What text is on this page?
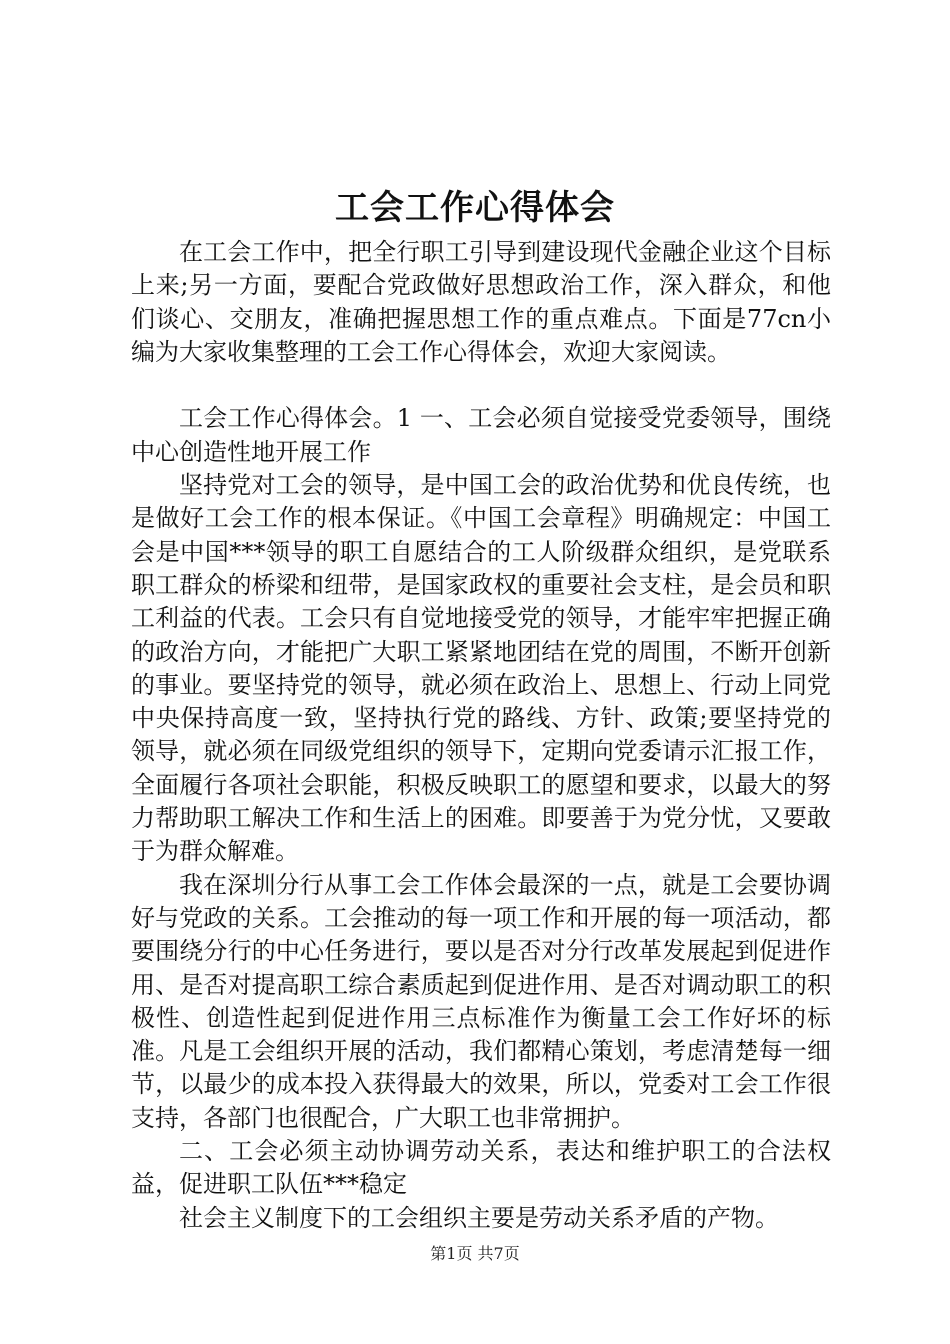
工会工作心得体会

在工会工作中，把全行职工引导到建设现代金融企业这个目标上来;另一方面，要配合党政做好思想政治工作，深入群众，和他们谈心、交朋友，准确把握思想工作的重点难点。下面是77cn小编为大家收集整理的工会工作心得体会，欢迎大家阅读。

工会工作心得体会。1 一、工会必须自觉接受党委领导，围绕中心创造性地开展工作

坚持党对工会的领导，是中国工会的政治优势和优良传统，也是做好工会工作的根本保证。《中国工会章程》明确规定：中国工会是中国***领导的职工自愿结合的工人阶级群众组织，是党联系职工群众的桥梁和纽带，是国家政权的重要社会支柱，是会员和职工利益的代表。工会只有自觉地接受党的领导，才能牢牢把握正确的政治方向，才能把广大职工紧紧地团结在党的周围，不断开创新的事业。要坚持党的领导，就必须在政治上、思想上、行动上同党中央保持高度一致，坚持执行党的路线、方针、政策;要坚持党的领导，就必须在同级党组织的领导下，定期向党委请示汇报工作，全面履行各项社会职能，积极反映职工的愿望和要求，以最大的努力帮助职工解决工作和生活上的困难。即要善于为党分忧，又要敢于为群众解难。

我在深圳分行从事工会工作体会最深的一点，就是工会要协调好与党政的关系。工会推动的每一项工作和开展的每一项活动，都要围绕分行的中心任务进行，要以是否对分行改革发展起到促进作用、是否对提高职工综合素质起到促进作用、是否对调动职工的积极性、创造性起到促进作用三点标准作为衡量工会工作好坏的标准。凡是工会组织开展的活动，我们都精心策划，考虑清楚每一细节，以最少的成本投入获得最大的效果，所以，党委对工会工作很支持，各部门也很配合，广大职工也非常拥护。

二、工会必须主动协调劳动关系，表达和维护职工的合法权益，促进职工队伍***稳定

社会主义制度下的工会组织主要是劳动关系矛盾的产物。

第1页 共7页
